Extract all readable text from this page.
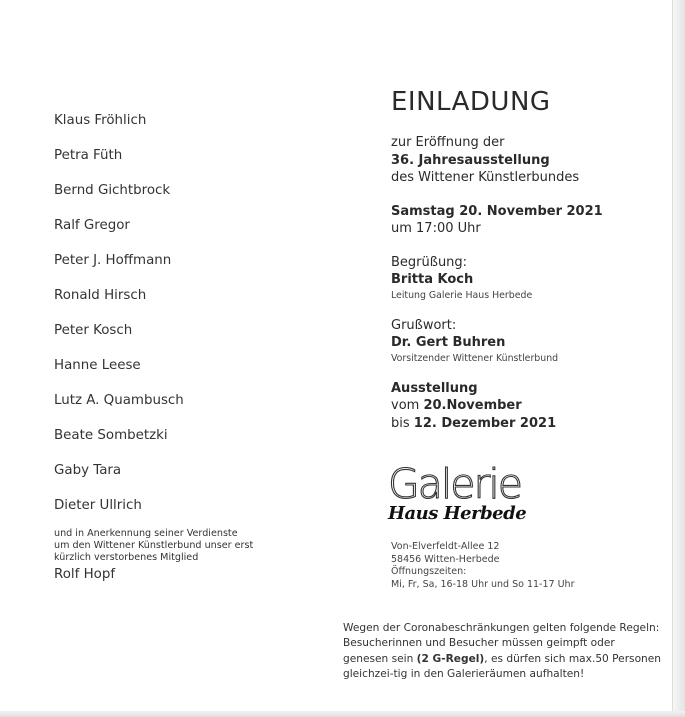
Klaus Fröhlich
Petra Füth
Bernd Gichtbrock
Ralf Gregor
Peter J. Hoffmann
Ronald Hirsch
Peter Kosch
Hanne Leese
Lutz A. Quambusch
Beate Sombetzki
Gaby Tara
Dieter Ullrich
und in Anerkennung seiner Verdienste
um den Wittener Künstlerbund unser erst
kürzlich verstorbenes Mitglied
Rolf Hopf
EINLADUNG
zur Eröffnung der
36. Jahresausstellung
des Wittener Künstlerbundes
Samstag 20. November 2021
um 17:00 Uhr
Begrüßung:
Britta Koch
Leitung Galerie Haus Herbede
Grußwort:
Dr. Gert Buhren
Vorsitzender Wittener Künstlerbund
Ausstellung
vom 20.November
bis 12. Dezember 2021
Galerie
Haus Herbede
Von-Elverfeldt-Allee 12
58456 Witten-Herbede
Öffnungszeiten:
Mi, Fr, Sa, 16-18 Uhr und So 11-17 Uhr
Wegen der Coronabeschränkungen gelten folgende Regeln: Besucherinnen und Besucher müssen geimpft oder genesen sein (2 G-Regel), es dürfen sich max.50 Personen gleichzei-tig in den Galerieräumen aufhalten!
